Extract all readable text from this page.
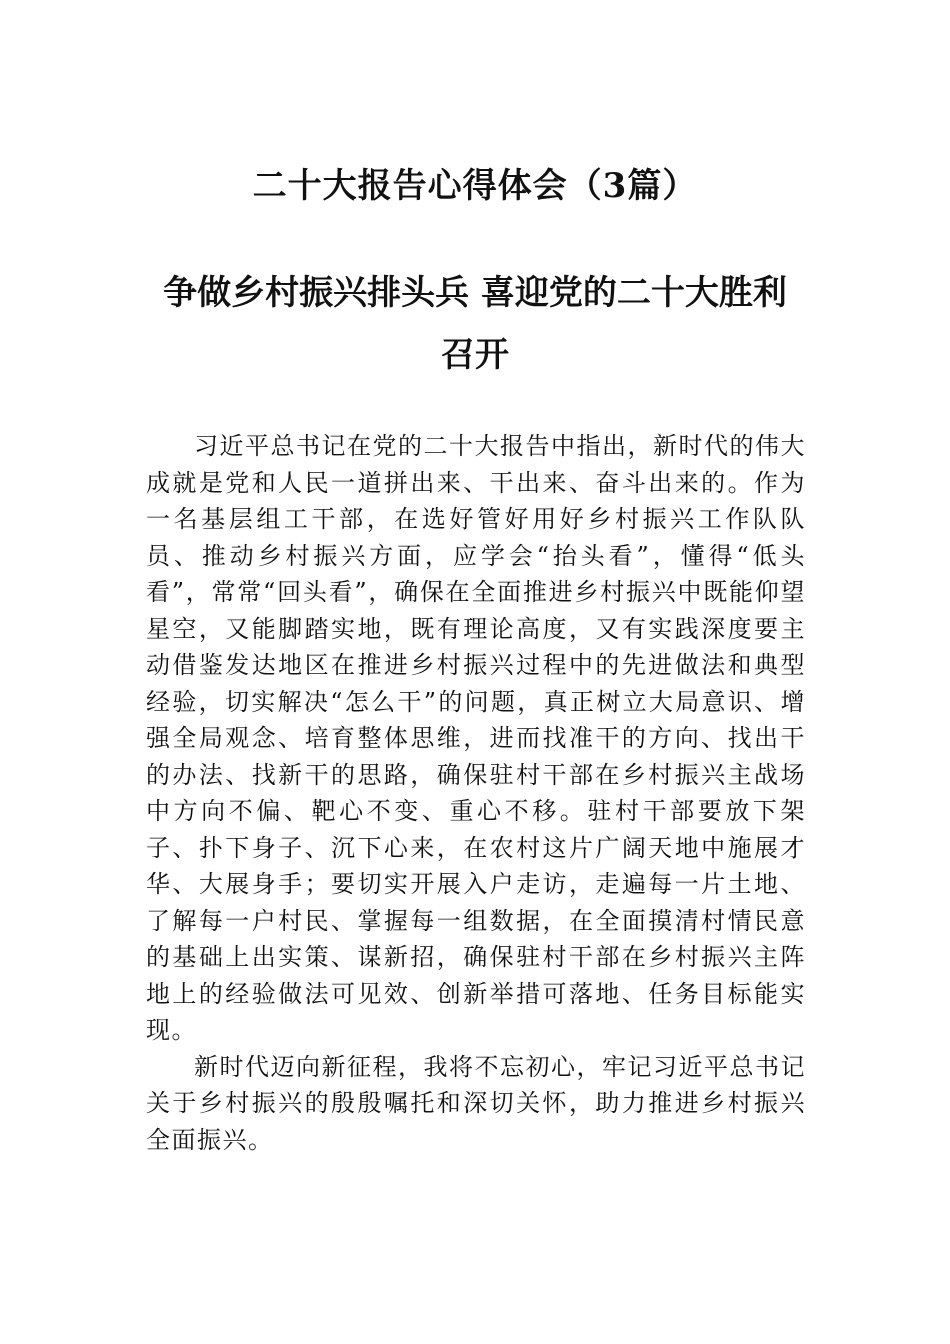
二十大报告心得体会（3篇）
争做乡村振兴排头兵 喜迎党的二十大胜利
召开

习近平总书记在党的二十大报告中指出，新时代的伟大成就是党和人民一道拼出来、干出来、奋斗出来的。作为一名基层组工干部，在选好管好用好乡村振兴工作队队员、推动乡村振兴方面，应学会“抬头看”，懂得“低头看”，常常“回头看”，确保在全面推进乡村振兴中既能仰望星空，又能脚踏实地，既有理论高度，又有实践深度要主动借鉴发达地区在推进乡村振兴过程中的先进做法和典型经验，切实解决“怎么干”的问题，真正树立大局意识、增强全局观念、培育整体思维，进而找准干的方向、找出干的办法、找新干的思路，确保驻村干部在乡村振兴主战场中方向不偏、靶心不变、重心不移。驻村干部要放下架子、扑下身子、沉下心来，在农村这片广阔天地中施展才华、大展身手；要切实开展入户走访，走遍每一片土地、了解每一户村民、掌握每一组数据，在全面摸清村情民意的基础上出实策、谋新招，确保驻村干部在乡村振兴主阵地上的经验做法可见效、创新举措可落地、任务目标能实现。

新时代迈向新征程，我将不忘初心，牢记习近平总书记关于乡村振兴的殷殷嘱托和深切关怀，助力推进乡村振兴全面振兴。
